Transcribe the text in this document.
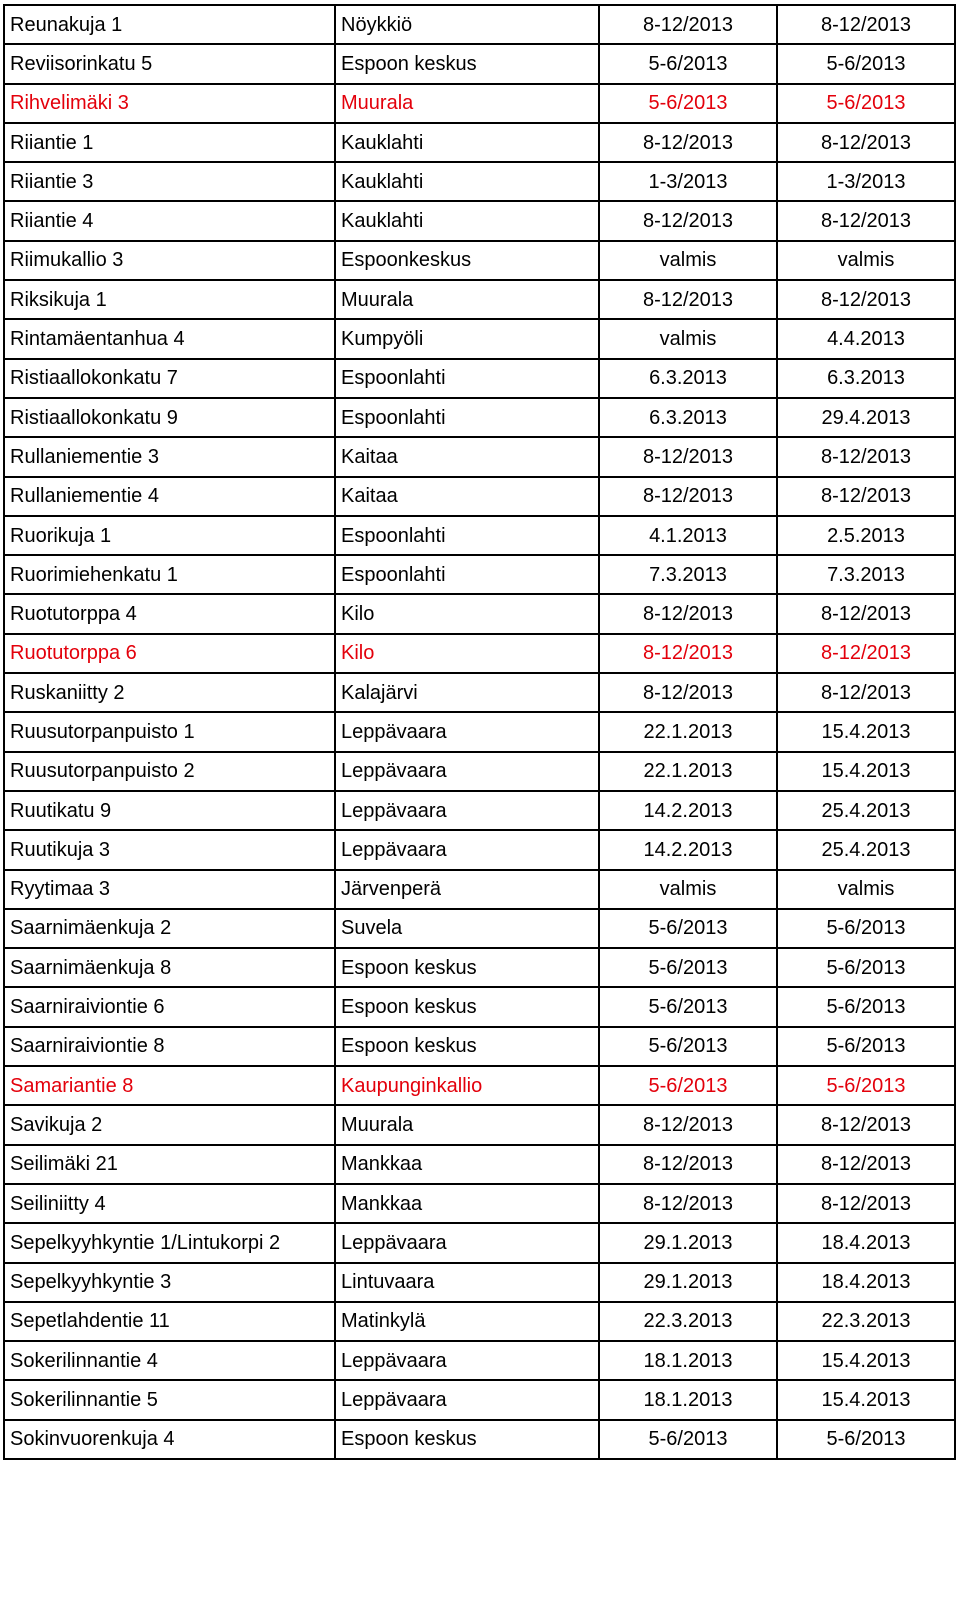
Reunakuja 1	Nöykkiö	8-12/2013	8-12/2013
Reviisorinkatu 5	Espoon keskus	5-6/2013	5-6/2013
Rihvelimäki 3	Muurala	5-6/2013	5-6/2013
Riiantie 1	Kauklahti	8-12/2013	8-12/2013
Riiantie 3	Kauklahti	1-3/2013	1-3/2013
Riiantie 4	Kauklahti	8-12/2013	8-12/2013
Riimukallio 3	Espoonkeskus	valmis	valmis
Riksikuja 1	Muurala	8-12/2013	8-12/2013
Rintamäentanhua 4	Kumpyöli	valmis	4.4.2013
Ristiaallokonkatu 7	Espoonlahti	6.3.2013	6.3.2013
Ristiaallokonkatu 9	Espoonlahti	6.3.2013	29.4.2013
Rullaniementie 3	Kaitaa	8-12/2013	8-12/2013
Rullaniementie 4	Kaitaa	8-12/2013	8-12/2013
Ruorikuja 1	Espoonlahti	4.1.2013	2.5.2013
Ruorimiehenkatu 1	Espoonlahti	7.3.2013	7.3.2013
Ruotutorppa 4	Kilo	8-12/2013	8-12/2013
Ruotutorppa 6	Kilo	8-12/2013	8-12/2013
Ruskaniitty 2	Kalajärvi	8-12/2013	8-12/2013
Ruusutorpanpuisto 1	Leppävaara	22.1.2013	15.4.2013
Ruusutorpanpuisto 2	Leppävaara	22.1.2013	15.4.2013
Ruutikatu 9	Leppävaara	14.2.2013	25.4.2013
Ruutikuja 3	Leppävaara	14.2.2013	25.4.2013
Ryytimaa 3	Järvenperä	valmis	valmis
Saarnimäenkuja 2	Suvela	5-6/2013	5-6/2013
Saarnimäenkuja 8	Espoon keskus	5-6/2013	5-6/2013
Saarniraiviontie 6	Espoon keskus	5-6/2013	5-6/2013
Saarniraiviontie 8	Espoon keskus	5-6/2013	5-6/2013
Samariantie 8	Kaupunginkallio	5-6/2013	5-6/2013
Savikuja 2	Muurala	8-12/2013	8-12/2013
Seilimäki 21	Mankkaa	8-12/2013	8-12/2013
Seiliniitty 4	Mankkaa	8-12/2013	8-12/2013
Sepelkyyhkyntie 1/Lintukorpi 2	Leppävaara	29.1.2013	18.4.2013
Sepelkyyhkyntie 3	Lintuvaara	29.1.2013	18.4.2013
Sepetlahdentie 11	Matinkylä	22.3.2013	22.3.2013
Sokerilinnantie 4	Leppävaara	18.1.2013	15.4.2013
Sokerilinnantie 5	Leppävaara	18.1.2013	15.4.2013
Sokinvuorenkuja 4	Espoon keskus	5-6/2013	5-6/2013
